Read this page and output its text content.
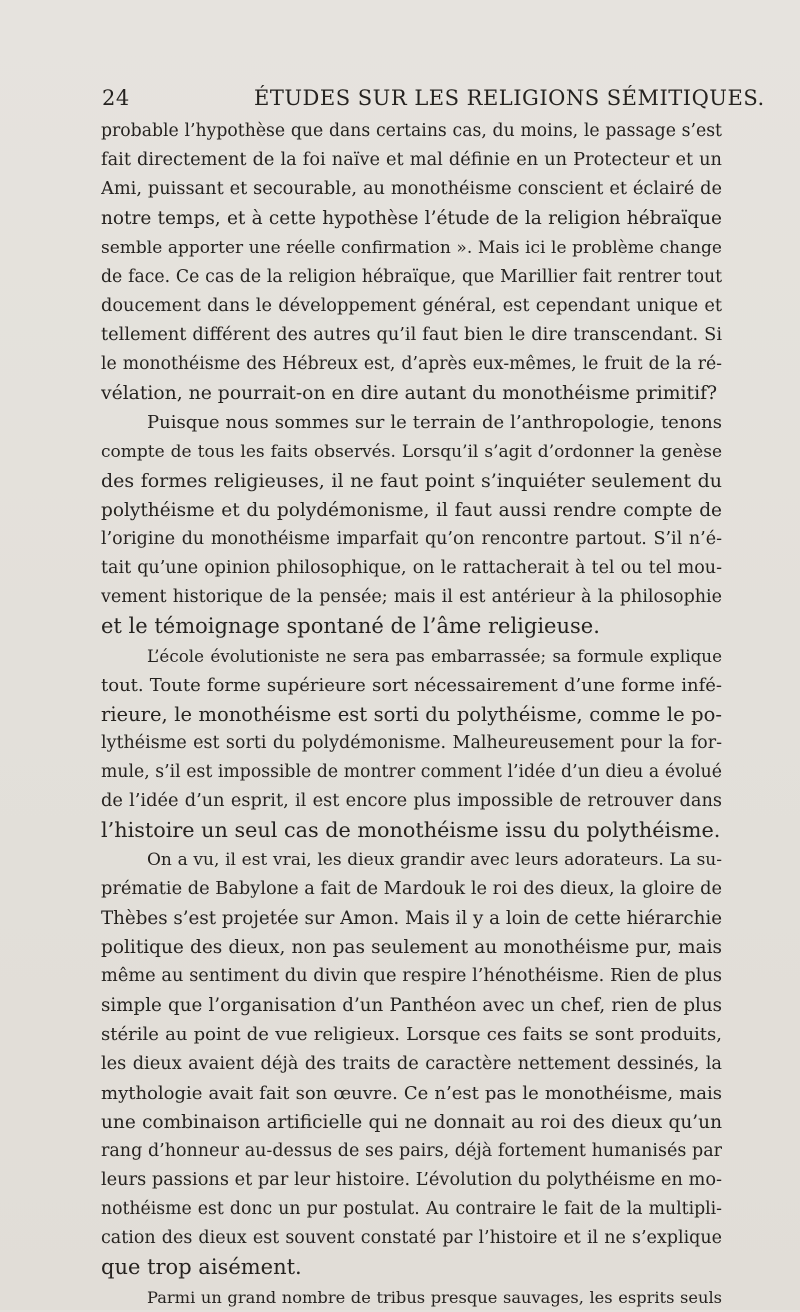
24	ÉTUDES SUR LES RELIGIONS SÉMITIQUES.
probable l’hypothèse que dans certains cas, du moins, le passage s’est
fait directement de la foi naïve et mal définie en un Protecteur et un
Ami, puissant et secourable, au monothéisme conscient et éclairé de
notre temps, et à cette hypothèse l’étude de la religion hébraïque
semble apporter une réelle confirmation ». Mais ici le problème change
de face. Ce cas de la religion hébraïque, que Marillier fait rentrer tout
doucement dans le développement général, est cependant unique et
tellement différent des autres qu’il faut bien le dire transcendant. Si
le monothéisme des Hébreux est, d’après eux-mêmes, le fruit de la ré-
vélation, ne pourrait-on en dire autant du monothéisme primitif?
Puisque nous sommes sur le terrain de l’anthropologie, tenons
compte de tous les faits observés. Lorsqu’il s’agit d’ordonner la genèse
des formes religieuses, il ne faut point s’inquiéter seulement du
polythéisme et du polydémonisme, il faut aussi rendre compte de
l’origine du monothéisme imparfait qu’on rencontre partout. S’il n’é-
tait qu’une opinion philosophique, on le rattacherait à tel ou tel mou-
vement historique de la pensée; mais il est antérieur à la philosophie
et le témoignage spontané de l’âme religieuse.
L’école évolutioniste ne sera pas embarrassée; sa formule explique
tout. Toute forme supérieure sort nécessairement d’une forme infé-
rieure, le monothéisme est sorti du polythéisme, comme le po-
lythéisme est sorti du polydémonisme. Malheureusement pour la for-
mule, s’il est impossible de montrer comment l’idée d’un dieu a évolué
de l’idée d’un esprit, il est encore plus impossible de retrouver dans
l’histoire un seul cas de monothéisme issu du polythéisme.
On a vu, il est vrai, les dieux grandir avec leurs adorateurs. La su-
prématie de Babylone a fait de Mardouk le roi des dieux, la gloire de
Thèbes s’est projetée sur Amon. Mais il y a loin de cette hiérarchie
politique des dieux, non pas seulement au monothéisme pur, mais
même au sentiment du divin que respire l’hénothéisme. Rien de plus
simple que l’organisation d’un Panthéon avec un chef, rien de plus
stérile au point de vue religieux. Lorsque ces faits se sont produits,
les dieux avaient déjà des traits de caractère nettement dessinés, la
mythologie avait fait son œuvre. Ce n’est pas le monothéisme, mais
une combinaison artificielle qui ne donnait au roi des dieux qu’un
rang d’honneur au-dessus de ses pairs, déjà fortement humanisés par
leurs passions et par leur histoire. L’évolution du polythéisme en mo-
nothéisme est donc un pur postulat. Au contraire le fait de la multipli-
cation des dieux est souvent constaté par l’histoire et il ne s’explique
que trop aisément.
Parmi un grand nombre de tribus presque sauvages, les esprits seuls
